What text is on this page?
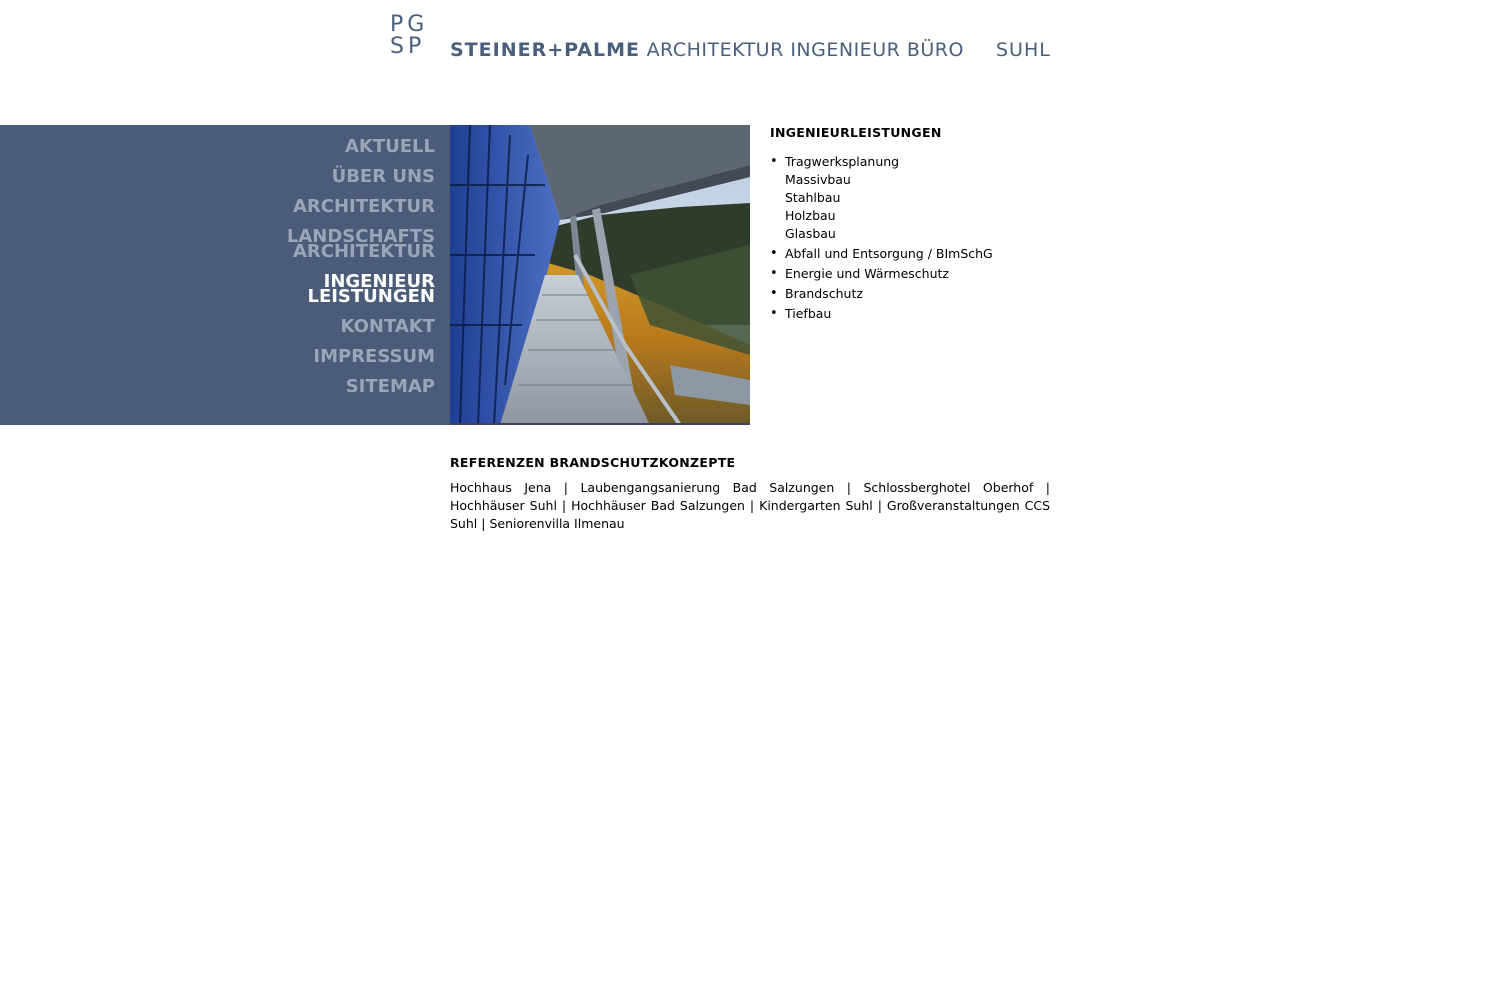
PG
SP STEINER+PALME ARCHITEKTUR INGENIEUR BÜRO SUHL
AKTUELL
ÜBER UNS
ARCHITEKTUR
LANDSCHAFTS
ARCHITEKTUR
INGENIEUR
LEISTUNGEN
KONTAKT
IMPRESSUM
SITEMAP
INGENIEURLEISTUNGEN
• Tragwerksplanung
Massivbau
Stahlbau
Holzbau
Glasbau
• Abfall und Entsorgung / BImSchG
• Energie und Wärmeschutz
• Brandschutz
• Tiefbau
REFERENZEN BRANDSCHUTZKONZEPTE

Hochhaus Jena | Laubengangsanierung Bad Salzungen | Schlossberghotel Oberhof | Hochhäuser Suhl | Hochhäuser Bad Salzungen | Kindergarten Suhl | Großveranstaltungen CCS Suhl | Seniorenvilla Ilmenau
